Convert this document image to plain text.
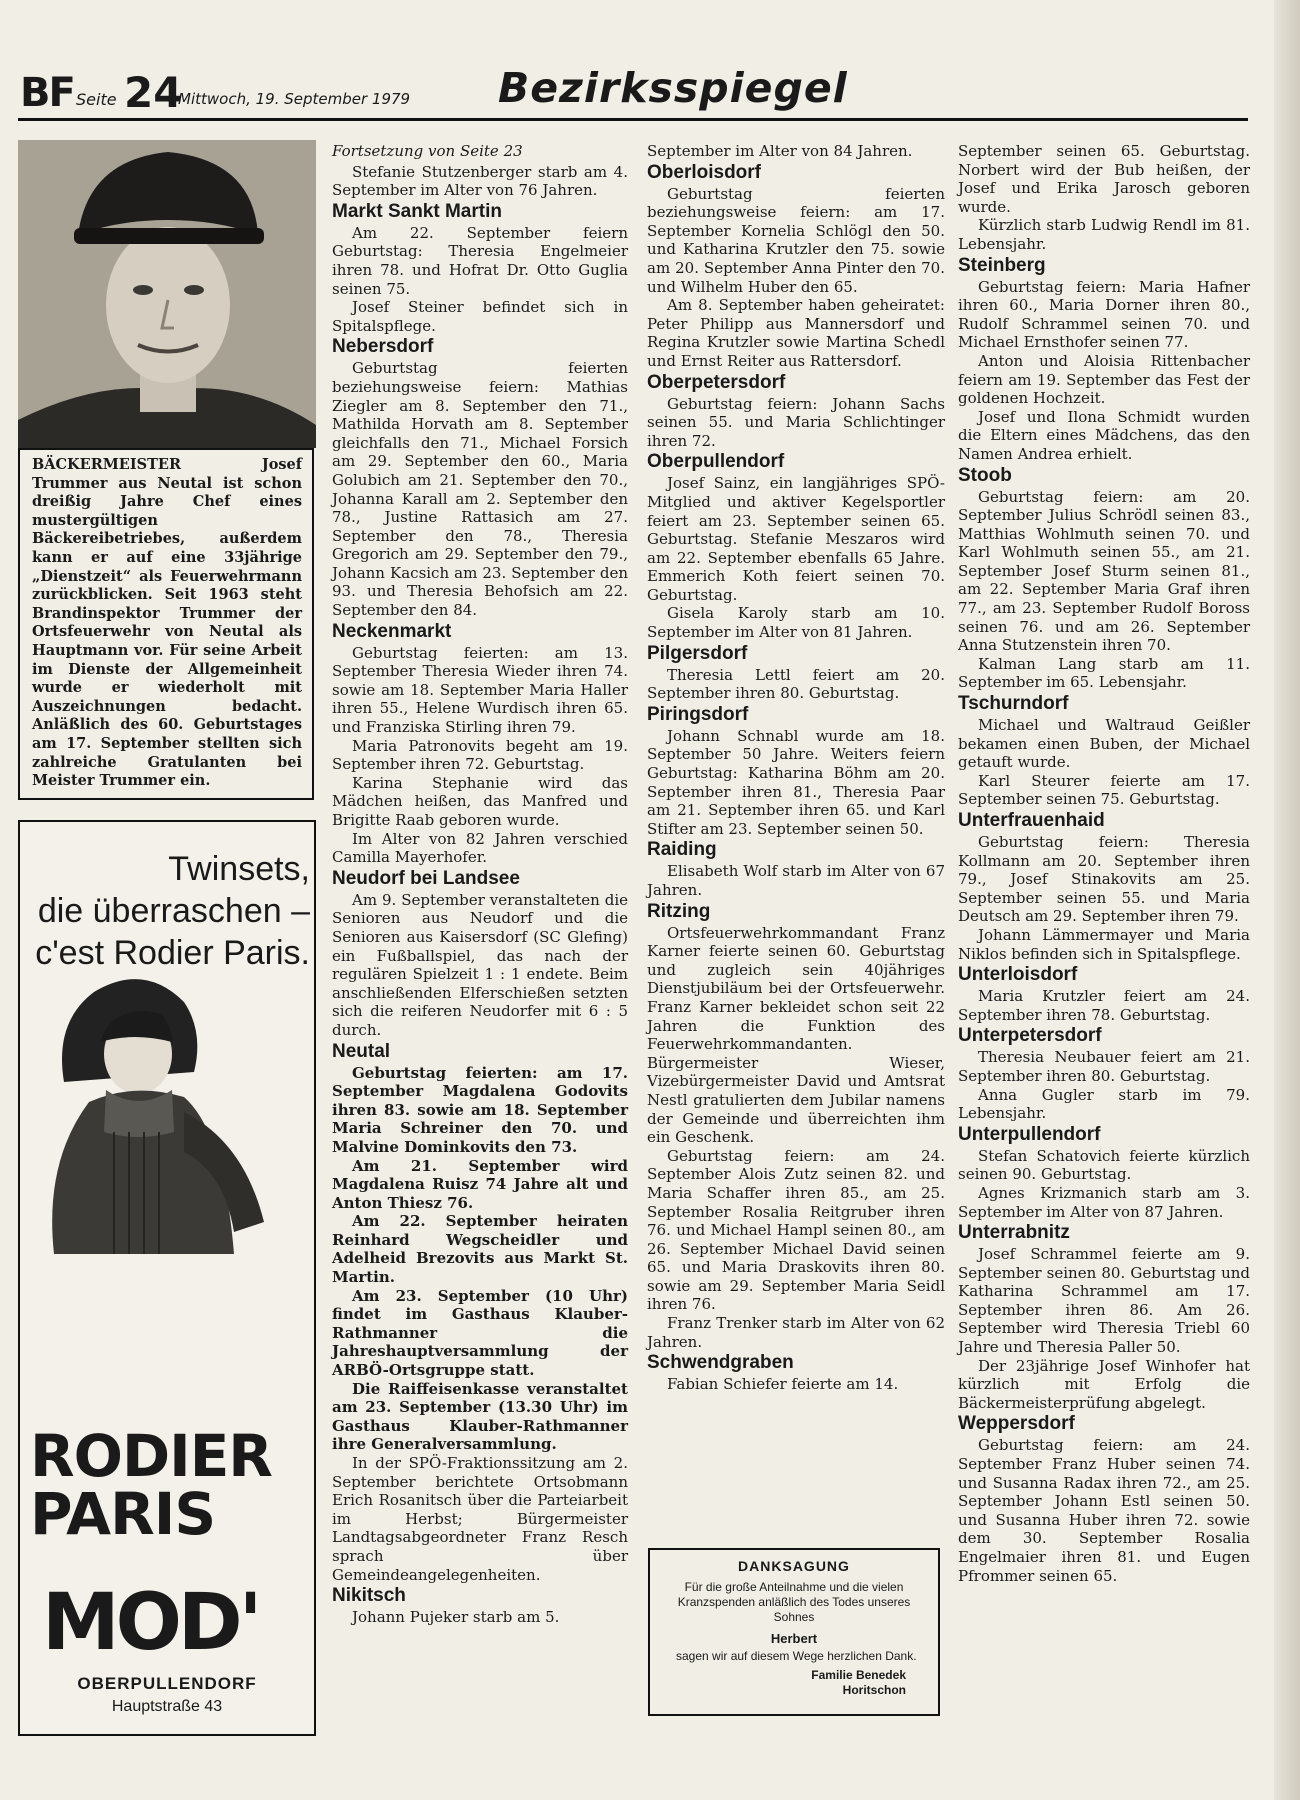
BF Seite 24
Mittwoch, 19. September 1979 Bezirksspiegel

BÄCKERMEISTER Josef Trummer aus Neutal ist schon dreißig Jahre Chef eines mustergültigen Bäckereibetriebes, außerdem kann er auf eine 33jährige „Dienstzeit“ als Feuerwehrmann zurückblicken. Seit 1963 steht Brandinspektor Trummer der Ortsfeuerwehr von Neutal als Hauptmann vor. Für seine Arbeit im Dienste der Allgemeinheit wurde er wiederholt mit Auszeichnungen bedacht. Anläßlich des 60. Geburtstages am 17. September stellten sich zahlreiche Gratulanten bei Meister Trummer ein.

Twinsets,
die überraschen –
c'est Rodier Paris.
RODIER
PARIS
MOD'
OBERPULLENDORF
Hauptstraße 43

Fortsetzung von Seite 23

Stefanie Stutzenberger starb am 4. September im Alter von 76 Jahren.

Markt Sankt Martin

Am 22. September feiern Geburtstag: Theresia Engelmeier ihren 78. und Hofrat Dr. Otto Guglia seinen 75.

Josef Steiner befindet sich in Spitalspflege.

Nebersdorf

Geburtstag feierten beziehungsweise feiern: Mathias Ziegler am 8. September den 71., Mathilda Horvath am 8. September gleichfalls den 71., Michael Forsich am 29. September den 60., Maria Golubich am 21. September den 70., Johanna Karall am 2. September den 78., Justine Rattasich am 27. September den 78., Theresia Gregorich am 29. September den 79., Johann Kacsich am 23. September den 93. und Theresia Behofsich am 22. September den 84.

Neckenmarkt

Geburtstag feierten: am 13. September Theresia Wieder ihren 74. sowie am 18. September Maria Haller ihren 55., Helene Wurdisch ihren 65. und Franziska Stirling ihren 79.

Maria Patronovits begeht am 19. September ihren 72. Geburtstag.

Karina Stephanie wird das Mädchen heißen, das Manfred und Brigitte Raab geboren wurde.

Im Alter von 82 Jahren verschied Camilla Mayerhofer.

Neudorf bei Landsee

Am 9. September veranstalteten die Senioren aus Neudorf und die Senioren aus Kaisersdorf (SC Glefing) ein Fußballspiel, das nach der regulären Spielzeit 1 : 1 endete. Beim anschließenden Elferschießen setzten sich die reiferen Neudorfer mit 6 : 5 durch.

Neutal

Geburtstag feierten: am 17. September Magdalena Godovits ihren 83. sowie am 18. September Maria Schreiner den 70. und Malvine Dominkovits den 73.

Am 21. September wird Magdalena Ruisz 74 Jahre alt und Anton Thiesz 76.

Am 22. September heiraten Reinhard Wegscheidler und Adelheid Brezovits aus Markt St. Martin.

Am 23. September (10 Uhr) findet im Gasthaus Klauber-Rathmanner die Jahreshauptversammlung der ARBÖ-Ortsgruppe statt.

Die Raiffeisenkasse veranstaltet am 23. September (13.30 Uhr) im Gasthaus Klauber-Rathmanner ihre Generalversammlung.

In der SPÖ-Fraktionssitzung am 2. September berichtete Ortsobmann Erich Rosanitsch über die Parteiarbeit im Herbst; Bürgermeister Landtagsabgeordneter Franz Resch sprach über Gemeindeangelegenheiten.

Nikitsch

Johann Pujeker starb am 5.

September im Alter von 84 Jahren.

Oberloisdorf

Geburtstag feierten beziehungsweise feiern: am 17. September Kornelia Schlögl den 50. und Katharina Krutzler den 75. sowie am 20. September Anna Pinter den 70. und Wilhelm Huber den 65.

Am 8. September haben geheiratet: Peter Philipp aus Mannersdorf und Regina Krutzler sowie Martina Schedl und Ernst Reiter aus Rattersdorf.

Oberpetersdorf

Geburtstag feiern: Johann Sachs seinen 55. und Maria Schlichtinger ihren 72.

Oberpullendorf

Josef Sainz, ein langjähriges SPÖ-Mitglied und aktiver Kegelsportler feiert am 23. September seinen 65. Geburtstag. Stefanie Meszaros wird am 22. September ebenfalls 65 Jahre. Emmerich Koth feiert seinen 70. Geburtstag.

Gisela Karoly starb am 10. September im Alter von 81 Jahren.

Pilgersdorf

Theresia Lettl feiert am 20. September ihren 80. Geburtstag.

Piringsdorf

Johann Schnabl wurde am 18. September 50 Jahre. Weiters feiern Geburtstag: Katharina Böhm am 20. September ihren 81., Theresia Paar am 21. September ihren 65. und Karl Stifter am 23. September seinen 50.

Raiding

Elisabeth Wolf starb im Alter von 67 Jahren.

Ritzing

Ortsfeuerwehrkommandant Franz Karner feierte seinen 60. Geburtstag und zugleich sein 40jähriges Dienstjubiläum bei der Ortsfeuerwehr. Franz Karner bekleidet schon seit 22 Jahren die Funktion des Feuerwehrkommandanten. Bürgermeister Wieser, Vizebürgermeister David und Amtsrat Nestl gratulierten dem Jubilar namens der Gemeinde und überreichten ihm ein Geschenk.

Geburtstag feiern: am 24. September Alois Zutz seinen 82. und Maria Schaffer ihren 85., am 25. September Rosalia Reitgruber ihren 76. und Michael Hampl seinen 80., am 26. September Michael David seinen 65. und Maria Draskovits ihren 80. sowie am 29. September Maria Seidl ihren 76.

Franz Trenker starb im Alter von 62 Jahren.

Schwendgraben

Fabian Schiefer feierte am 14.

DANKSAGUNG
Für die große Anteilnahme und die vielen Kranzspenden anläßlich des Todes unseres Sohnes
Herbert
sagen wir auf diesem Wege herzlichen Dank.
Familie Benedek
Horitschon

September seinen 65. Geburtstag. Norbert wird der Bub heißen, der Josef und Erika Jarosch geboren wurde.

Kürzlich starb Ludwig Rendl im 81. Lebensjahr.

Steinberg

Geburtstag feiern: Maria Hafner ihren 60., Maria Dorner ihren 80., Rudolf Schrammel seinen 70. und Michael Ernsthofer seinen 77.

Anton und Aloisia Rittenbacher feiern am 19. September das Fest der goldenen Hochzeit.

Josef und Ilona Schmidt wurden die Eltern eines Mädchens, das den Namen Andrea erhielt.

Stoob

Geburtstag feiern: am 20. September Julius Schrödl seinen 83., Matthias Wohlmuth seinen 70. und Karl Wohlmuth seinen 55., am 21. September Josef Sturm seinen 81., am 22. September Maria Graf ihren 77., am 23. September Rudolf Boross seinen 76. und am 26. September Anna Stutzenstein ihren 70.

Kalman Lang starb am 11. September im 65. Lebensjahr.

Tschurndorf

Michael und Waltraud Geißler bekamen einen Buben, der Michael getauft wurde.

Karl Steurer feierte am 17. September seinen 75. Geburtstag.

Unterfrauenhaid

Geburtstag feiern: Theresia Kollmann am 20. September ihren 79., Josef Stinakovits am 25. September seinen 55. und Maria Deutsch am 29. September ihren 79.

Johann Lämmermayer und Maria Niklos befinden sich in Spitalspflege.

Unterloisdorf

Maria Krutzler feiert am 24. September ihren 78. Geburtstag.

Unterpetersdorf

Theresia Neubauer feiert am 21. September ihren 80. Geburtstag.

Anna Gugler starb im 79. Lebensjahr.

Unterpullendorf

Stefan Schatovich feierte kürzlich seinen 90. Geburtstag.

Agnes Krizmanich starb am 3. September im Alter von 87 Jahren.

Unterrabnitz

Josef Schrammel feierte am 9. September seinen 80. Geburtstag und Katharina Schrammel am 17. September ihren 86. Am 26. September wird Theresia Triebl 60 Jahre und Theresia Paller 50.

Der 23jährige Josef Winhofer hat kürzlich mit Erfolg die Bäckermeisterprüfung abgelegt.

Weppersdorf

Geburtstag feiern: am 24. September Franz Huber seinen 74. und Susanna Radax ihren 72., am 25. September Johann Estl seinen 50. und Susanna Huber ihren 72. sowie dem 30. September Rosalia Engelmaier ihren 81. und Eugen Pfrommer seinen 65.
